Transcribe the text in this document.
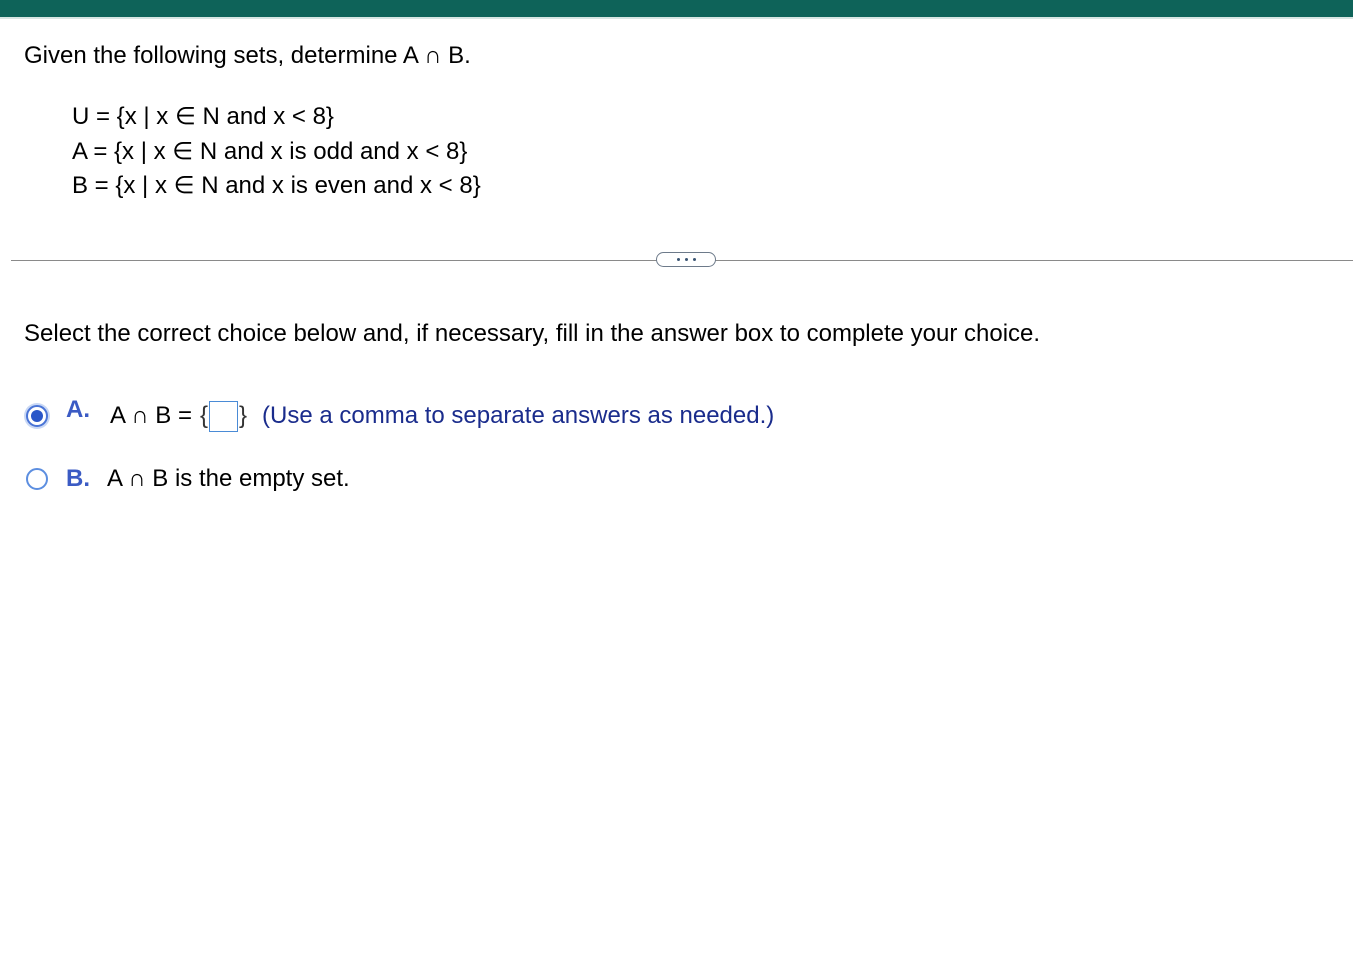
Given the following sets, determine A ∩ B.
U = {x | x ∈ N and x < 8}
A = {x | x ∈ N and x is odd and x < 8}
B = {x | x ∈ N and x is even and x < 8}
Select the correct choice below and, if necessary, fill in the answer box to complete your choice.
A. A ∩ B = { } (Use a comma to separate answers as needed.)
B. A ∩ B is the empty set.
